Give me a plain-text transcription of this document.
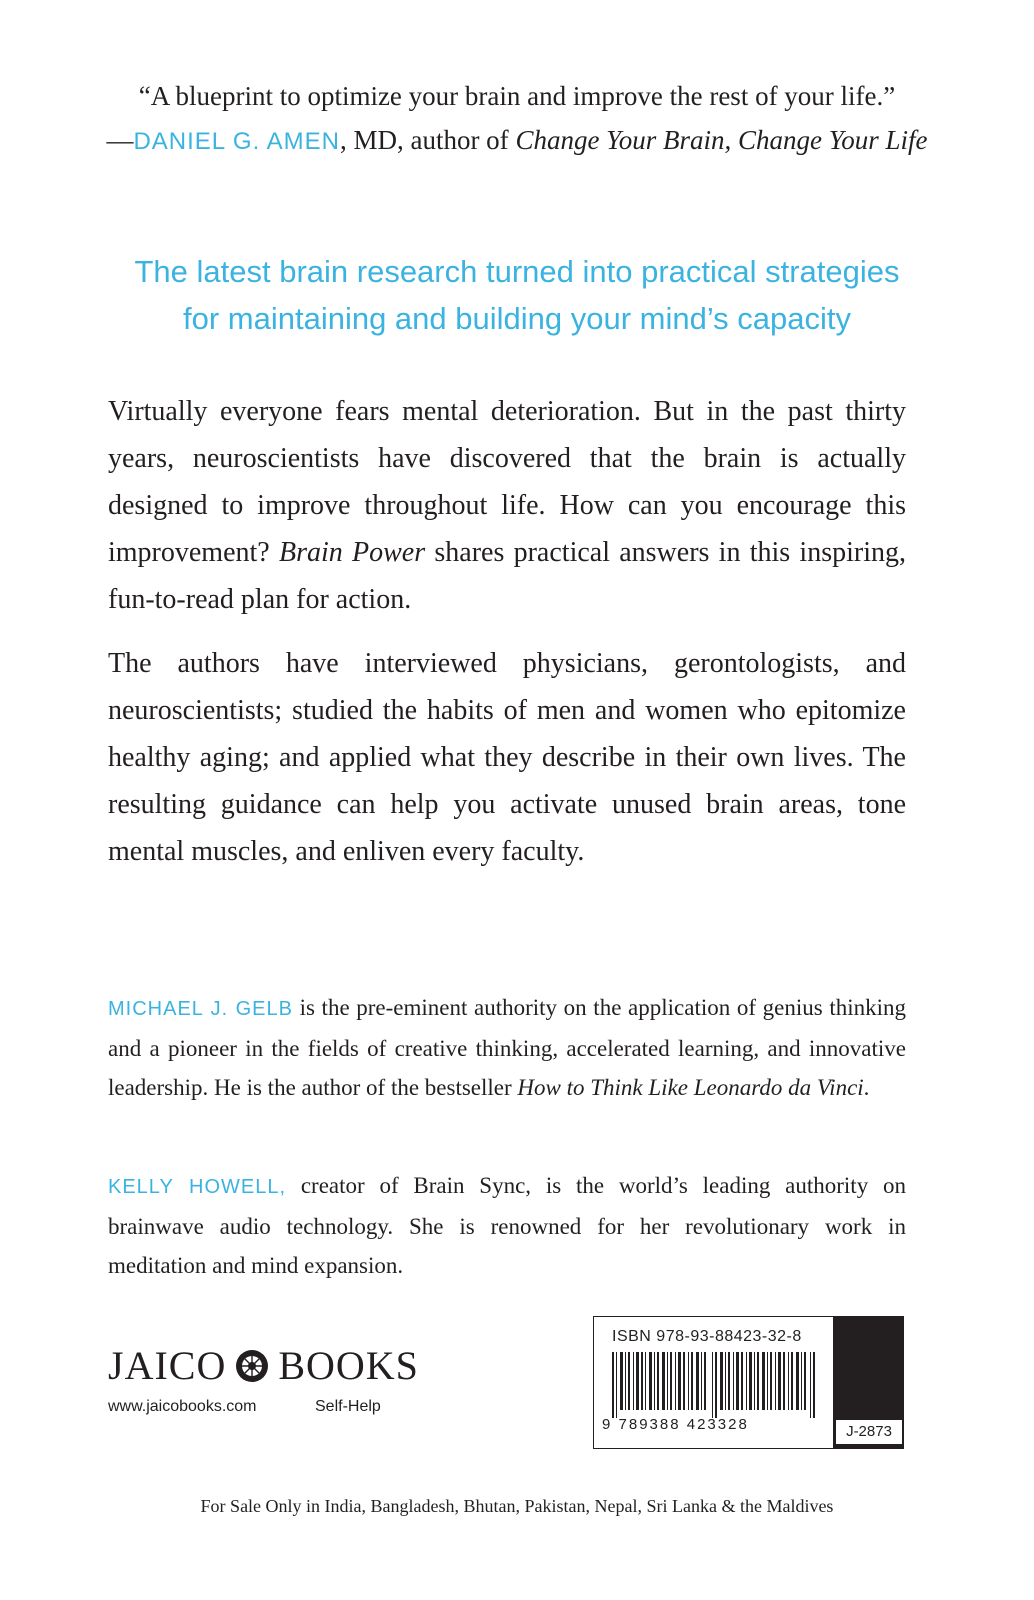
“A blueprint to optimize your brain and improve the rest of your life.”
—DANIEL G. AMEN, MD, author of Change Your Brain, Change Your Life
The latest brain research turned into practical strategies
for maintaining and building your mind’s capacity
Virtually everyone fears mental deterioration. But in the past thirty years, neuroscientists have discovered that the brain is actually designed to improve throughout life. How can you encourage this improvement? Brain Power shares practical answers in this inspiring, fun-to-read plan for action.
The authors have interviewed physicians, gerontologists, and neuroscientists; studied the habits of men and women who epitomize healthy aging; and applied what they describe in their own lives. The resulting guidance can help you activate unused brain areas, tone mental muscles, and enliven every faculty.
MICHAEL J. GELB is the pre-eminent authority on the application of genius thinking and a pioneer in the fields of creative thinking, accelerated learning, and innovative leadership. He is the author of the bestseller How to Think Like Leonardo da Vinci.
KELLY HOWELL, creator of Brain Sync, is the world’s leading authority on brainwave audio technology. She is renowned for her revolutionary work in meditation and mind expansion.
JAICO BOOKS
www.jaicobooks.com	Self-Help
J-2873
ISBN 978-93-88423-32-8
9 789388 423328
For Sale Only in India, Bangladesh, Bhutan, Pakistan, Nepal, Sri Lanka & the Maldives
